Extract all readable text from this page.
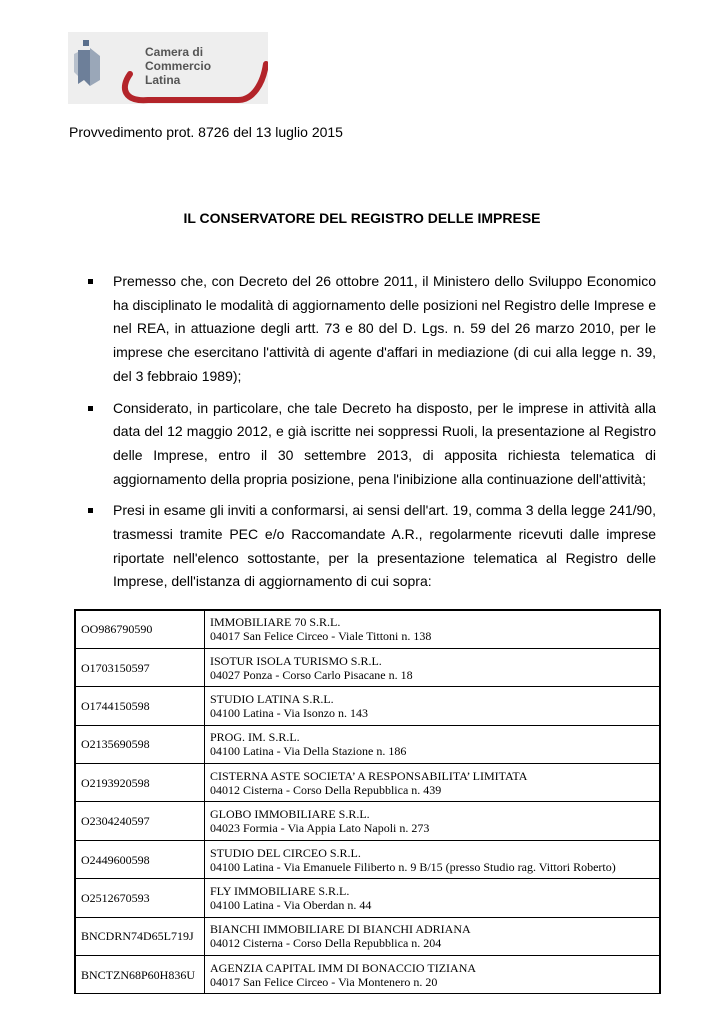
Camera di Commercio
Latina
Provvedimento prot. 8726 del 13 luglio 2015
IL CONSERVATORE DEL REGISTRO DELLE IMPRESE
Premesso che, con Decreto del 26 ottobre 2011, il Ministero dello Sviluppo Economico ha disciplinato le modalità di aggiornamento delle posizioni nel Registro delle Imprese e nel REA, in attuazione degli artt. 73 e 80 del D. Lgs. n. 59 del 26 marzo 2010, per le imprese che esercitano l'attività di agente d'affari in mediazione (di cui alla legge n. 39, del 3 febbraio 1989);
Considerato, in particolare, che tale Decreto ha disposto, per le imprese in attività alla data del 12 maggio 2012, e già iscritte nei soppressi Ruoli, la presentazione al Registro delle Imprese, entro il 30 settembre 2013, di apposita richiesta telematica di aggiornamento della propria posizione, pena l'inibizione alla continuazione dell'attività;
Presi in esame gli inviti a conformarsi, ai sensi dell'art. 19, comma 3 della legge 241/90, trasmessi tramite PEC e/o Raccomandate A.R., regolarmente ricevuti dalle imprese riportate nell'elenco sottostante, per la presentazione telematica al Registro delle Imprese, dell'istanza di aggiornamento di cui sopra:
OO986790590	IMMOBILIARE 70 S.R.L.
04017 San Felice Circeo - Viale Tittoni n. 138

O1703150597	ISOTUR ISOLA TURISMO S.R.L.
04027 Ponza - Corso Carlo Pisacane n. 18

O1744150598	STUDIO LATINA S.R.L.
04100 Latina - Via Isonzo n. 143

O2135690598	PROG. IM. S.R.L.
04100 Latina - Via Della Stazione n. 186

O2193920598	CISTERNA ASTE SOCIETA’ A RESPONSABILITA’ LIMITATA
04012 Cisterna - Corso Della Repubblica n. 439

O2304240597	GLOBO IMMOBILIARE S.R.L.
04023 Formia - Via Appia Lato Napoli n. 273

O2449600598	STUDIO DEL CIRCEO S.R.L.
04100 Latina - Via Emanuele Filiberto n. 9 B/15 (presso Studio rag. Vittori Roberto)

O2512670593	FLY IMMOBILIARE S.R.L.
04100 Latina - Via Oberdan n. 44

BNCDRN74D65L719J	BIANCHI IMMOBILIARE DI BIANCHI ADRIANA
04012 Cisterna - Corso Della Repubblica n. 204

BNCTZN68P60H836U	AGENZIA CAPITAL IMM DI BONACCIO TIZIANA
04017 San Felice Circeo - Via Montenero n. 20
